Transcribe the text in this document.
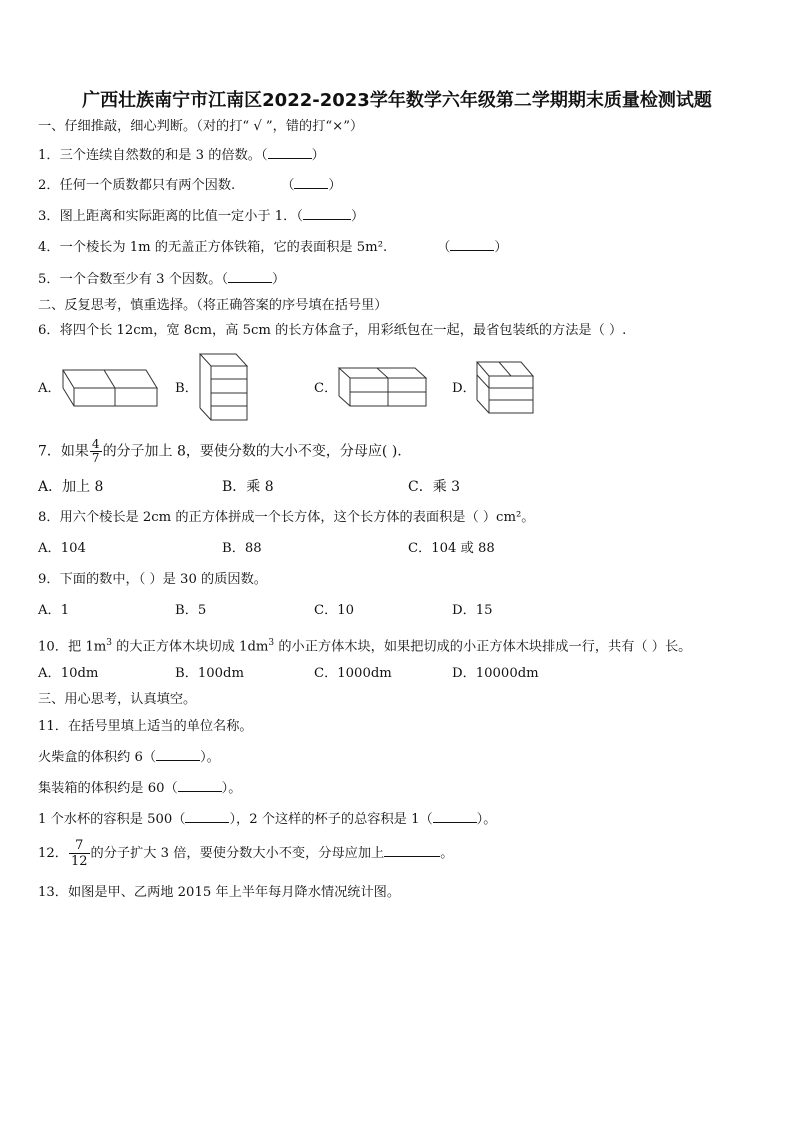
广西壮族南宁市江南区2022-2023学年数学六年级第二学期期末质量检测试题
一、仔细推敲，细心判断。（对的打“ √ ”，错的打“×”）
1．三个连续自然数的和是 3 的倍数。（	）
2．任何一个质数都只有两个因数.	（	）
3．图上距离和实际距离的比值一定小于 1．（	）
4．一个棱长为 1m 的无盖正方体铁箱，它的表面积是 5m².	（	）
5．一个合数至少有 3 个因数。（	）
二、反复思考，慎重选择。（将正确答案的序号填在括号里）
6．将四个长 12cm，宽 8cm，高 5cm 的长方体盒子，用彩纸包在一起，最省包装纸的方法是（ ）.
A．	B．	C．	D．
7．如果 $\frac{4}{7}$ 的分子加上 8，要使分数的大小不变，分母应( ).
A．加上 8	B．乘 8	C．乘 3
8．用六个棱长是 2cm 的正方体拼成一个长方体，这个长方体的表面积是（ ）cm²。
A．104	B．88	C．104 或 88
9．下面的数中，（ ）是 30 的质因数。
A．1	B．5	C．10	D．15
10．把 $1m^3$ 的大正方体木块切成 $1dm^3$ 的小正方体木块，如果把切成的小正方体木块排成一行，共有（ ）长。
A．10dm	B．100dm	C．1000dm	D．10000dm
三、用心思考，认真填空。
11．在括号里填上适当的单位名称。
火柴盒的体积约 6（	）。
集装箱的体积约是 60（	）。
1 个水杯的容积是 500（	），2 个这样的杯子的总容积是 1（	）。
12． $\frac{7}{12}$ 的分子扩大 3 倍，要使分数大小不变，分母应加上	。
13．如图是甲、乙两地 2015 年上半年每月降水情况统计图。
